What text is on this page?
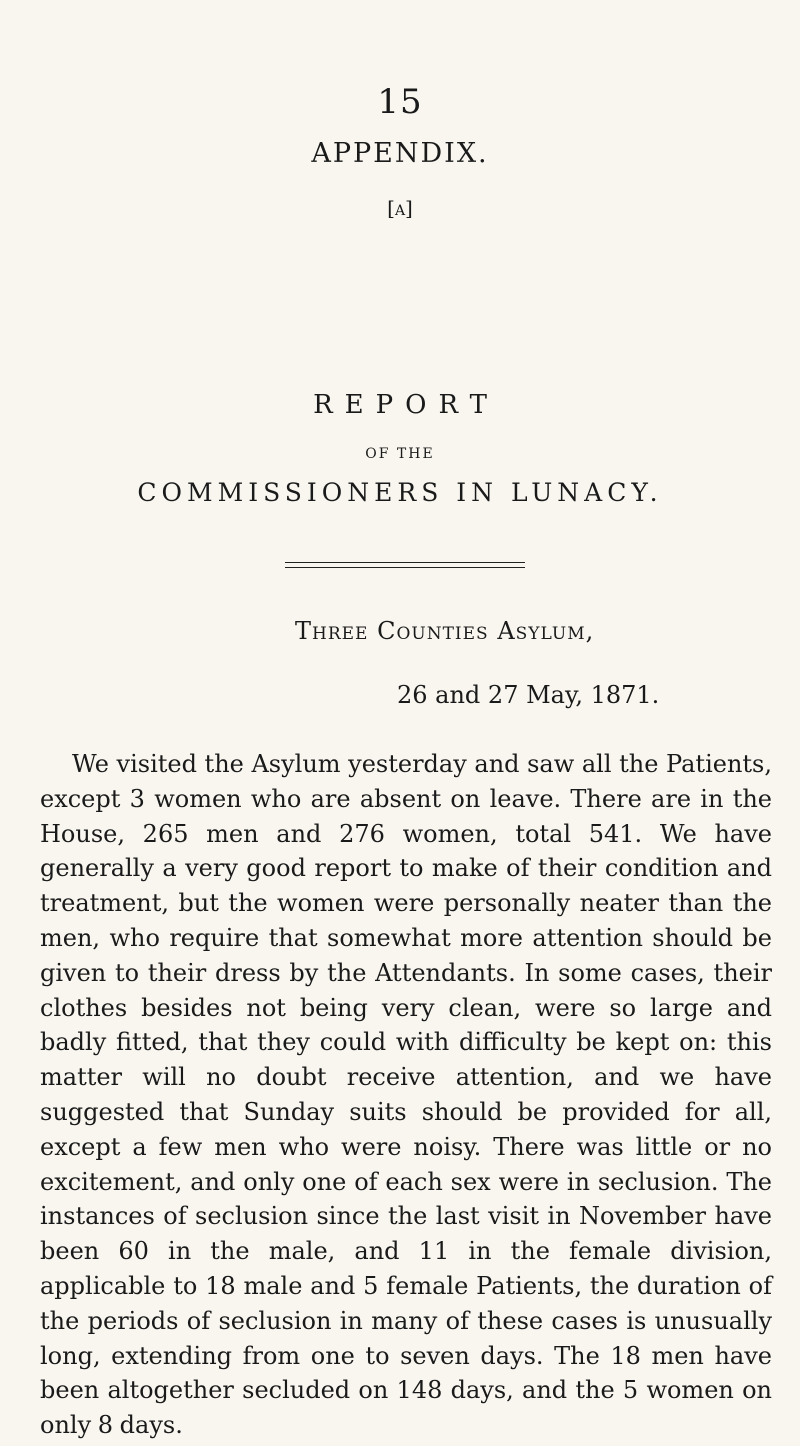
15
APPENDIX.
[a]
REPORT
OF THE
COMMISSIONERS IN LUNACY.
Three Counties Asylum,
26 and 27 May, 1871.

We visited the Asylum yesterday and saw all the Patients, except 3 women who are absent on leave. There are in the House, 265 men and 276 women, total 541. We have generally a very good report to make of their condition and treatment, but the women were personally neater than the men, who require that somewhat more attention should be given to their dress by the Attendants. In some cases, their clothes besides not being very clean, were so large and badly fitted, that they could with difficulty be kept on: this matter will no doubt receive attention, and we have suggested that Sunday suits should be provided for all, except a few men who were noisy. There was little or no excitement, and only one of each sex were in seclusion. The instances of seclusion since the last visit in November have been 60 in the male, and 11 in the female division, applicable to 18 male and 5 female Patients, the duration of the periods of seclusion in many of these cases is unusually long, extending from one to seven days. The 18 men have been altogether secluded on 148 days, and the 5 women on only 8 days.
